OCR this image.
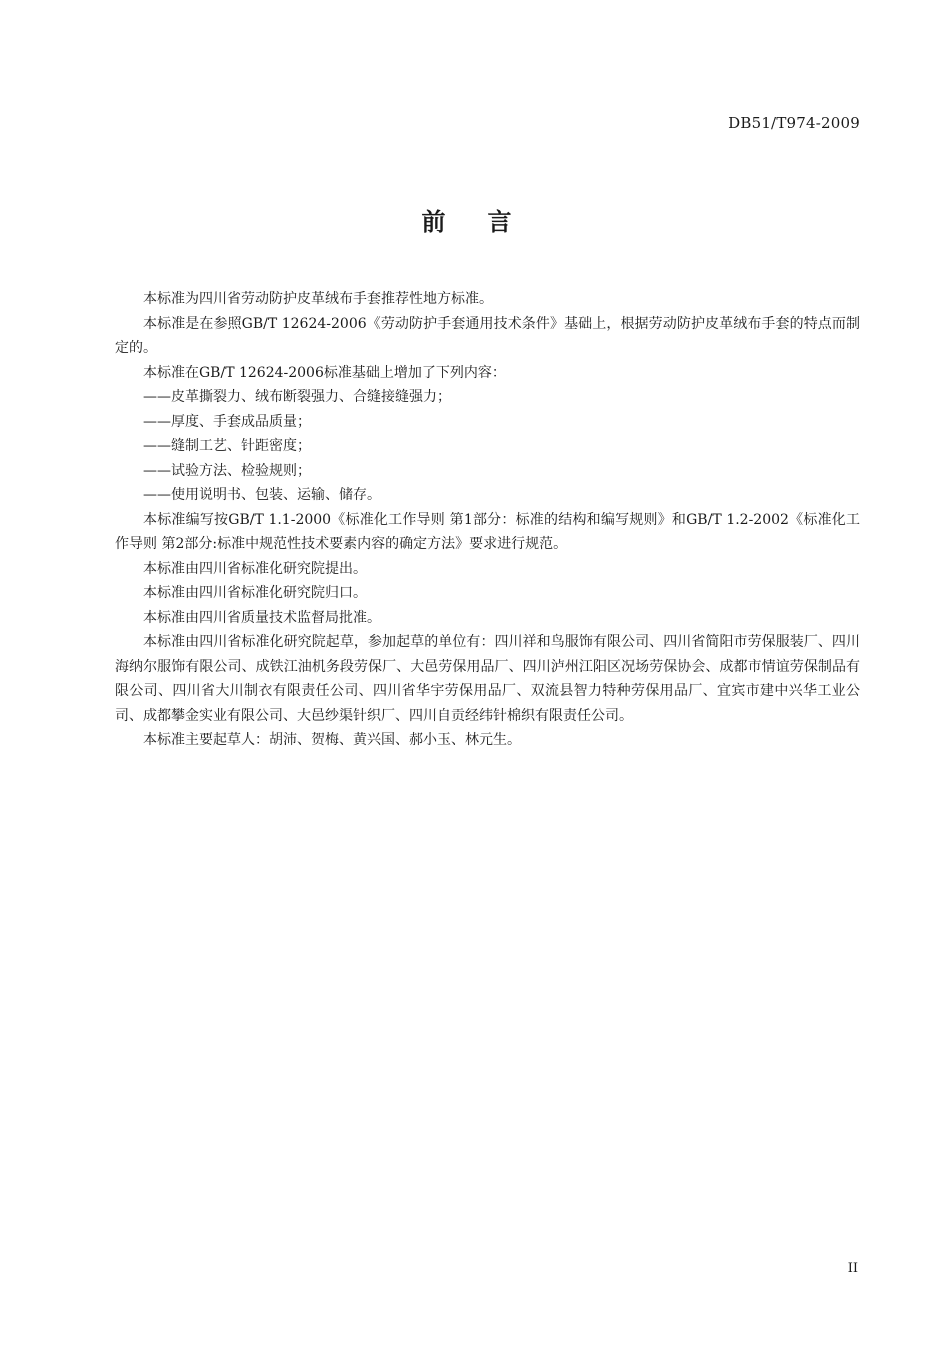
DB51/T974-2009
前言

本标准为四川省劳动防护皮革绒布手套推荐性地方标准。

本标准是在参照GB/T 12624-2006《劳动防护手套通用技术条件》基础上，根据劳动防护皮革绒布手套的特点而制定的。

本标准在GB/T 12624-2006标准基础上增加了下列内容：

——皮革撕裂力、绒布断裂强力、合缝接缝强力；

——厚度、手套成品质量；

——缝制工艺、针距密度；

——试验方法、检验规则；

——使用说明书、包装、运输、储存。

本标准编写按GB/T 1.1-2000《标准化工作导则 第1部分：标准的结构和编写规则》和GB/T 1.2-2002《标准化工作导则 第2部分:标准中规范性技术要素内容的确定方法》要求进行规范。

本标准由四川省标准化研究院提出。

本标准由四川省标准化研究院归口。

本标准由四川省质量技术监督局批准。

本标准由四川省标准化研究院起草，参加起草的单位有：四川祥和鸟服饰有限公司、四川省简阳市劳保服装厂、四川海纳尔服饰有限公司、成铁江油机务段劳保厂、大邑劳保用品厂、四川泸州江阳区况场劳保协会、成都市情谊劳保制品有限公司、四川省大川制衣有限责任公司、四川省华宇劳保用品厂、双流县智力特种劳保用品厂、宜宾市建中兴华工业公司、成都攀金实业有限公司、大邑纱渠针织厂、四川自贡经纬针棉织有限责任公司。

本标准主要起草人：胡沛、贺梅、黄兴国、郝小玉、林元生。

II
